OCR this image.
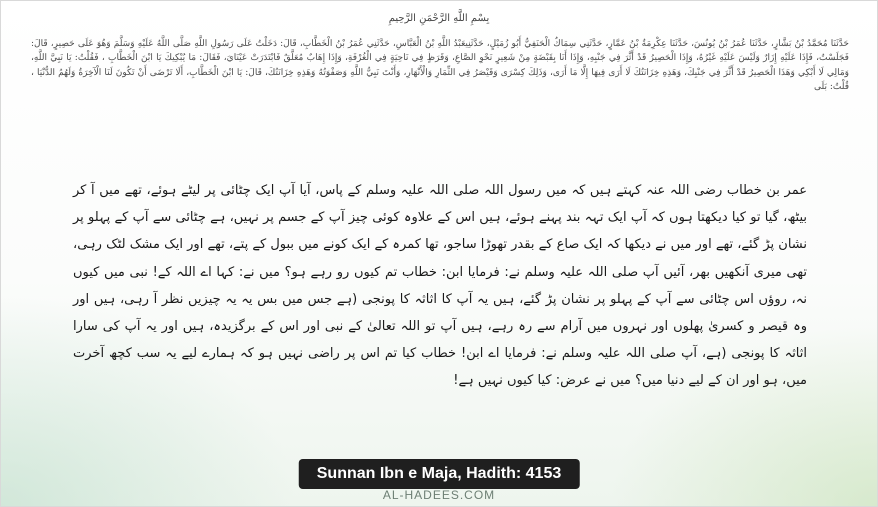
بِسْمِ اللَّهِ الرَّحْمَنِ الرَّحِيمِ

حَدَّثَنَا مُحَمَّدُ بْنُ بَشَّارٍ، حَدَّثَنَا عُمَرُ بْنُ يُونُسَ، حَدَّثَنَا عِكْرِمَةُ بْنُ عَمَّارٍ، حَدَّثَنِي سِمَاكٌ الْحَنَفِيُّ أَبُو زُمَيْلٍ، حَدَّثَنِيعَبْدُ اللَّهِ بْنُ الْعَبَّاسِ، حَدَّثَنِي عُمَرُ بْنُ الْخَطَّابِ، قَالَ: دَخَلْتُ عَلَى رَسُولِ اللَّهِ صَلَّى اللَّهُ عَلَيْهِ وَسَلَّمَ وَهُوَ عَلَى حَصِيرٍ، قَالَ: فَجَلَسْتُ، فَإِذَا عَلَيْهِ إِزَارٌ وَلَيْسَ عَلَيْهِ غَيْرُهُ، وَإِذَا الْحَصِيرُ قَدْ أَثَّرَ فِي جَنْبِهِ، وَإِذَا أَنَا بِقَبْضَةٍ مِنْ شَعِيرٍ نَحْوِ الصَّاعِ، وَقَرَظٍ فِي نَاحِيَةٍ فِي الْغُرْفَةِ، وَإِذَا إِهَابٌ مُعَلَّقٌ فَابْتَدَرَتْ عَيْنَايَ، فَقَالَ: مَا يُبْكِيكَ يَا ابْنَ الْخَطَّابِ ، فَقُلْتُ: يَا نَبِيَّ اللَّهِ، وَمَالِي لَا أَبْكِي وَهَذَا الْحَصِيرُ قَدْ أَثَّرَ فِي جَنْبِكَ، وَهَذِهِ خِزَانَتُكَ لَا أَرَى فِيهَا إِلَّا مَا أَرَى، وَذَلِكَ كِسْرَى وَقَيْصَرُ فِي الثِّمَارِ وَالْأَنْهَارِ، وَأَنْتَ نَبِيُّ اللَّهِ وَصَفْوَتُهُ وَهَذِهِ خِزَانَتُكَ، قَالَ: يَا ابْنَ الْخَطَّابِ، أَلَا تَرْضَى أَنْ تَكُونَ لَنَا الْآخِرَةُ وَلَهُمُ الدُّنْيَا ، قُلْتُ: بَلَى

عمر بن خطاب رضی اللہ عنہ کہتے ہیں کہ میں رسول اللہ صلی اللہ علیہ وسلم کے پاس، آیا آپ ایک چٹائی پر لیٹے ہوئے، تھے میں آ کر بیٹھ، گیا تو کیا دیکھتا ہوں کہ آپ ایک تہہ بند پہنے ہوئے، ہیں اس کے علاوہ کوئی چیز آپ کے جسم پر نہیں، ہے چٹائی سے آپ کے پہلو پر نشان پڑ گئے، تھے اور میں نے دیکھا کہ ایک صاع کے بقدر تھوڑا ساجو، تھا کمرہ کے ایک کونے میں ببول کے پتے، تھے اور ایک مشک لٹک رہی، تھی میری آنکھیں بھر، آئیں آپ صلی اللہ علیہ وسلم نے: فرمایا ابن: خطاب تم کیوں رو رہے ہو؟ میں نے: کہا اے اللہ کے! نبی میں کیوں نہ، روؤں اس چٹائی سے آپ کے پہلو پر نشان پڑ گئے، ہیں یہ آپ کا اثاثہ کا پونجی (ہے جس میں بس یہ یہ چیزیں نظر آ رہی، ہیں اور وہ قیصر و کسریٰ پھلوں اور نہروں میں آرام سے رہ رہے، ہیں آپ تو اللہ تعالیٰ کے نبی اور اس کے برگزیدہ، ہیں اور یہ آپ کی سارا اثاثہ کا پونجی (ہے، آپ صلی اللہ علیہ وسلم نے: فرمایا اے ابن! خطاب کیا تم اس پر راضی نہیں ہو کہ ہمارے لیے یہ سب کچھ آخرت میں، ہو اور ان کے لیے دنیا میں؟ میں نے عرض: کیا کیوں نہیں ہے!

Sunnan Ibn e Maja, Hadith: 4153
AL-HADEES.COM
